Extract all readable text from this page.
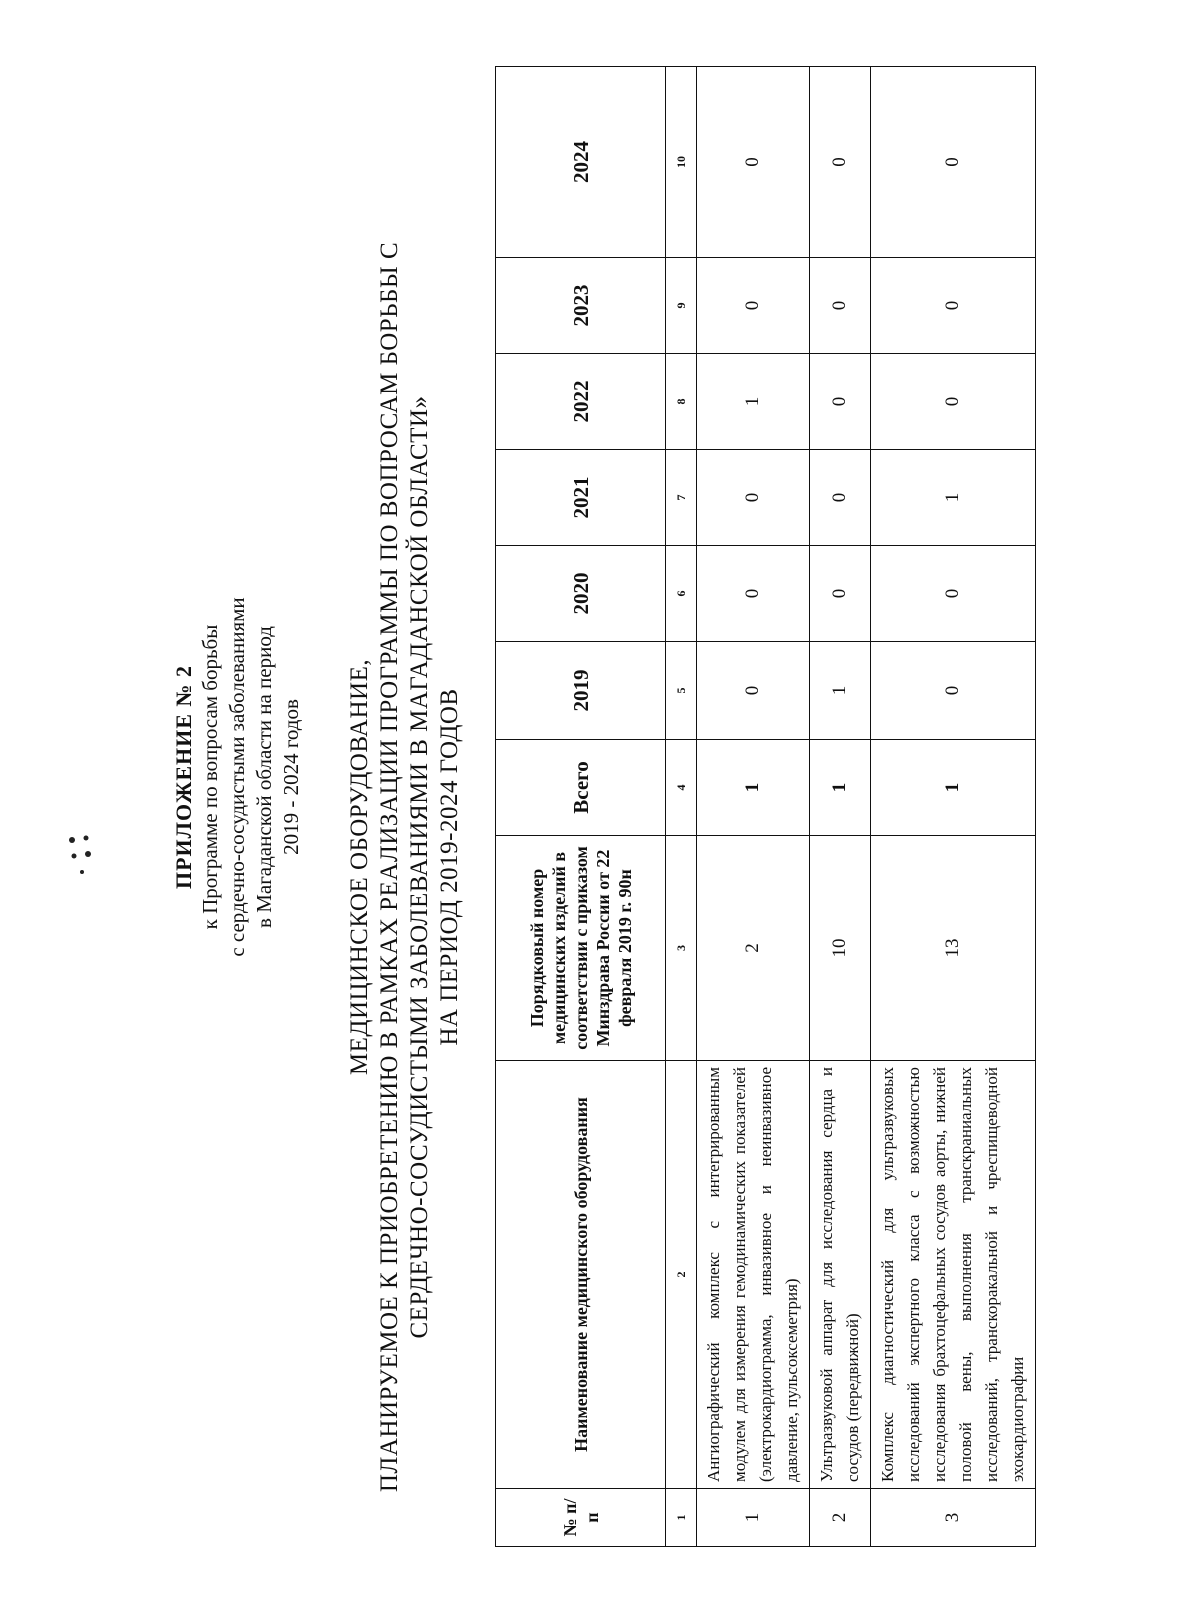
ПРИЛОЖЕНИЕ № 2 к Программе по вопросам борьбы с сердечно-сосудистыми заболеваниями в Магаданской области на период 2019 - 2024 годов МЕДИЦИНСКОЕ ОБОРУДОВАНИЕ, ПЛАНИРУЕМОЕ К ПРИОБРЕТЕНИЮ В РАМКАХ РЕАЛИЗАЦИИ ПРОГРАММЫ ПО ВОПРОСАМ БОРЬБЫ С СЕРДЕЧНО-СОСУДИСТЫМИ ЗАБОЛЕВАНИЯМИ В МАГАДАНСКОЙ ОБЛАСТИ» НА ПЕРИОД 2019-2024 ГОДОВ
№ п/п	Наименование медицинского оборудования	Порядковый номер медицинских изделий в соответствии с приказом Минздрава России от 22 февраля 2019 г. 90н	Всего	2019	2020	2021	2022	2023	2024
1	2	3	4	5	6	7	8	9	10
1	Ангиографический комплекс с интегрированным модулем для измерения гемодинамических показателей (электрокардиограмма, инвазивное и неинвазивное давление, пульсоксеметрия)	2	1	0	0	0	1	0	0
2	Ультразвуковой аппарат для исследования сердца и сосудов (передвижной)	10	1	1	0	0	0	0	0
3	Комплекс диагностический для ультразвуковых исследований экспертного класса с возможностью исследования брахтоцефальных сосудов аорты, нижней половой вены, выполнения транскраниальных исследований, транскоракальной и чреспищеводной эхокардиографии	13	1	0	0	1	0	0	0
